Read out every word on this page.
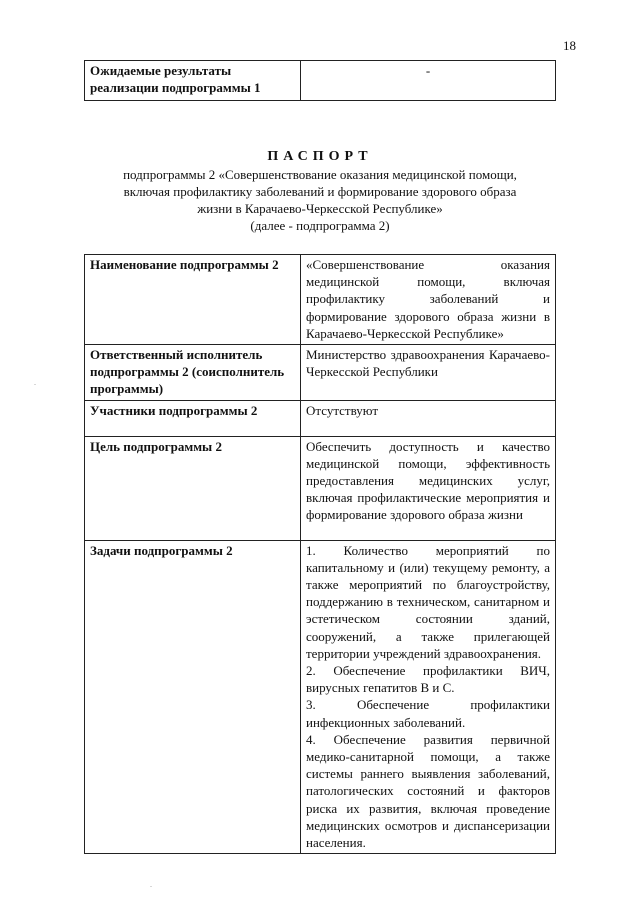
18
Ожидаемые результаты реализации подпрограммы 1	-
ПАСПОРТ
подпрограммы 2 «Совершенствование оказания медицинской помощи, включая профилактику заболеваний и формирование здорового образа жизни в Карачаево-Черкесской Республике»
(далее - подпрограмма 2)
Наименование подпрограммы 2	«Совершенствование оказания медицинской помощи, включая профилактику заболеваний и формирование здорового образа жизни в Карачаево-Черкесской Республике»
Ответственный исполнитель подпрограммы 2 (соисполнитель программы)	Министерство здравоохранения Карачаево-Черкесской Республики
Участники подпрограммы 2	Отсутствуют
Цель подпрограммы 2	Обеспечить доступность и качество медицинской помощи, эффективность предоставления медицинских услуг, включая профилактические мероприятия и формирование здорового образа жизни
Задачи подпрограммы 2	1. Количество мероприятий по капитальному и (или) текущему ремонту, а также мероприятий по благоустройству, поддержанию в техническом, санитарном и эстетическом состоянии зданий, сооружений, а также прилегающей территории учреждений здравоохранения.
2. Обеспечение профилактики ВИЧ, вирусных гепатитов В и С.
3. Обеспечение профилактики инфекционных заболеваний.
4. Обеспечение развития первичной медико-санитарной помощи, а также системы раннего выявления заболеваний, патологических состояний и факторов риска их развития, включая проведение медицинских осмотров и диспансеризации населения.
.
.
